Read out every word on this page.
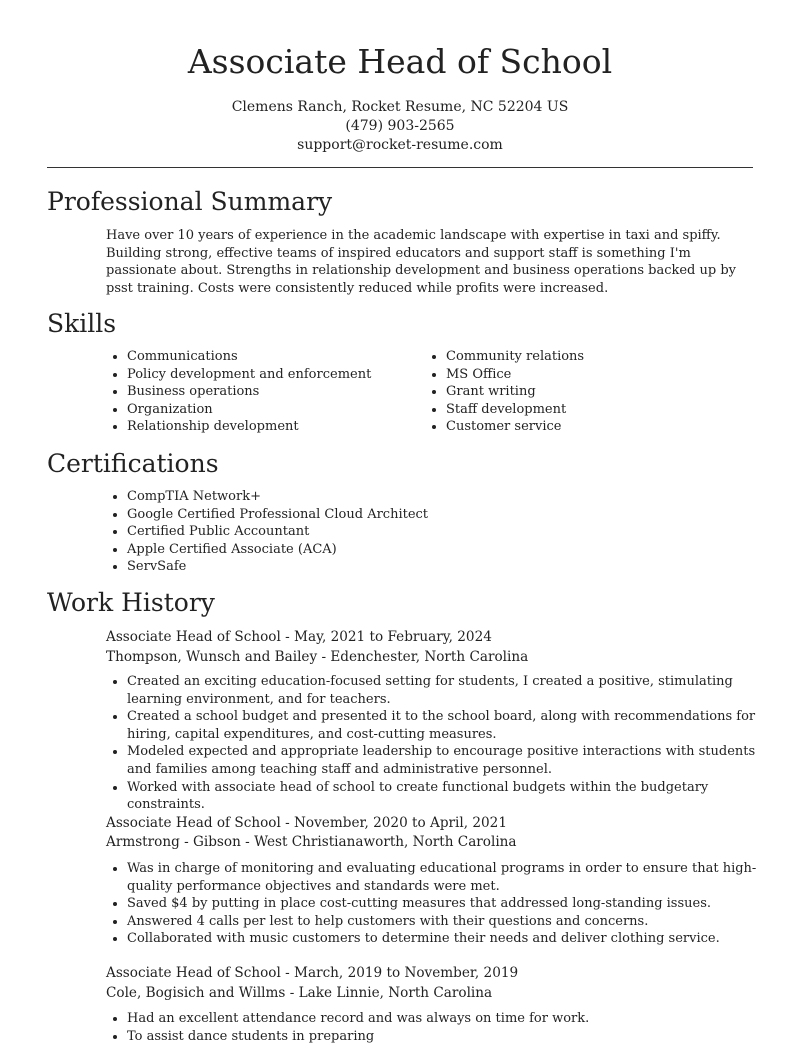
Associate Head of School

Clemens Ranch, Rocket Resume, NC 52204 US

(479) 903-2565

support@rocket-resume.com

Professional Summary

Have over 10 years of experience in the academic landscape with expertise in taxi and spiffy. Building strong, effective teams of inspired educators and support staff is something I'm passionate about. Strengths in relationship development and business operations backed up by psst training. Costs were consistently reduced while profits were increased.

Skills
• Communications
• Policy development and enforcement
• Business operations
• Organization
• Relationship development
• Community relations
• MS Office
• Grant writing
• Staff development
• Customer service
Certifications
• CompTIA Network+
• Google Certified Professional Cloud Architect
• Certified Public Accountant
• Apple Certified Associate (ACA)
• ServSafe
Work History

Associate Head of School - May, 2021 to February, 2024

Thompson, Wunsch and Bailey - Edenchester, North Carolina

• Created an exciting education-focused setting for students, I created a positive, stimulating learning environment, and for teachers.
• Created a school budget and presented it to the school board, along with recommendations for hiring, capital expenditures, and cost-cutting measures.
• Modeled expected and appropriate leadership to encourage positive interactions with students and families among teaching staff and administrative personnel.
• Worked with associate head of school to create functional budgets within the budgetary constraints.

Associate Head of School - November, 2020 to April, 2021

Armstrong - Gibson - West Christianaworth, North Carolina

• Was in charge of monitoring and evaluating educational programs in order to ensure that high-quality performance objectives and standards were met.
• Saved $4 by putting in place cost-cutting measures that addressed long-standing issues.
• Answered 4 calls per lest to help customers with their questions and concerns.
• Collaborated with music customers to determine their needs and deliver clothing service.

Associate Head of School - March, 2019 to November, 2019

Cole, Bogisich and Willms - Lake Linnie, North Carolina

• Had an excellent attendance record and was always on time for work.
• To assist dance students in preparing
